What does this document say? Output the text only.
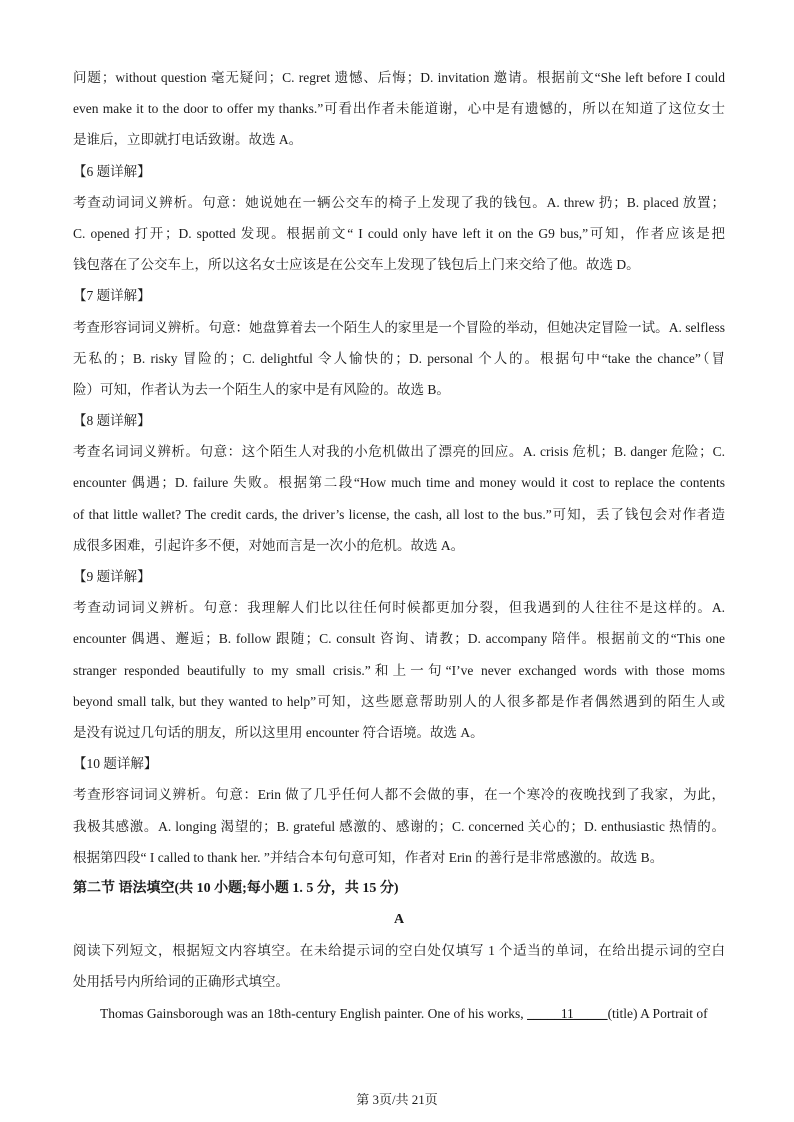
问题；without question 毫无疑问；C. regret 遗憾、后悔；D. invitation 邀请。根据前文“She left before I could
even make it to the door to offer my thanks.”可看出作者未能道谢，心中是有遗憾的，所以在知道了这位女士
是谁后，立即就打电话致谢。故选 A。
【6 题详解】
考查动词词义辨析。句意：她说她在一辆公交车的椅子上发现了我的钱包。A. threw 扔；B. placed 放置；
C. opened 打开；D. spotted 发现。根据前文“ I could only have left it on the G9 bus,”可知，作者应该是把
钱包落在了公交车上，所以这名女士应该是在公交车上发现了钱包后上门来交给了他。故选 D。
【7 题详解】
考查形容词词义辨析。句意：她盘算着去一个陌生人的家里是一个冒险的举动，但她决定冒险一试。A. selfless
无私的；B. risky 冒险的；C. delightful 令人愉快的；D. personal 个人的。根据句中“take the chance”（冒
险）可知，作者认为去一个陌生人的家中是有风险的。故选 B。
【8 题详解】
考查名词词义辨析。句意：这个陌生人对我的小危机做出了漂亮的回应。A. crisis 危机；B. danger 危险；C.
encounter 偶遇；D. failure 失败。根据第二段“How much time and money would it cost to replace the contents
of that little wallet? The credit cards, the driver’s license, the cash, all lost to the bus.”可知，丢了钱包会对作者造
成很多困难，引起许多不便，对她而言是一次小的危机。故选 A。
【9 题详解】
考查动词词义辨析。句意：我理解人们比以往任何时候都更加分裂，但我遇到的人往往不是这样的。A.
encounter 偶遇、邂逅；B. follow 跟随；C. consult 咨询、请教；D. accompany 陪伴。根据前文的“This one
stranger responded beautifully to my small crisis.”和上一句“I’ve never exchanged words with those moms
beyond small talk, but they wanted to help”可知，这些愿意帮助别人的人很多都是作者偶然遇到的陌生人或
是没有说过几句话的朋友，所以这里用 encounter 符合语境。故选 A。
【10 题详解】
考查形容词词义辨析。句意：Erin 做了几乎任何人都不会做的事，在一个寒冷的夜晚找到了我家，为此，
我极其感激。A. longing 渴望的；B. grateful 感激的、感谢的；C. concerned 关心的；D. enthusiastic 热情的。
根据第四段“ I called to thank her. ”并结合本句句意可知，作者对 Erin 的善行是非常感激的。故选 B。
第二节 语法填空(共 10 小题;每小题 1. 5 分，共 15 分)
A
阅读下列短文，根据短文内容填空。在未给提示词的空白处仅填写 1 个适当的单词，在给出提示词的空白
处用括号内所给词的正确形式填空。
Thomas Gainsborough was an 18th-century English painter. One of his works, _____11_____(title) A Portrait of
第 3页/共 21页
